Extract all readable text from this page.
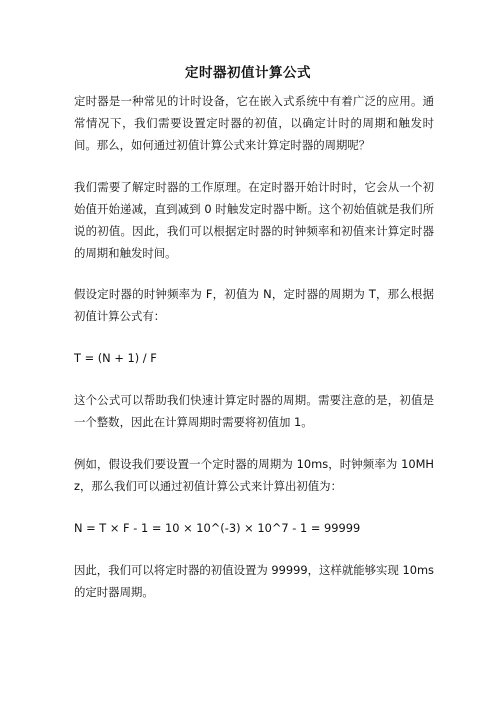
定时器初值计算公式

定时器是一种常见的计时设备，它在嵌入式系统中有着广泛的应用。通常情况下，我们需要设置定时器的初值，以确定计时的周期和触发时间。那么，如何通过初值计算公式来计算定时器的周期呢？

我们需要了解定时器的工作原理。在定时器开始计时时，它会从一个初始值开始递减，直到减到 0 时触发定时器中断。这个初始值就是我们所说的初值。因此，我们可以根据定时器的时钟频率和初值来计算定时器的周期和触发时间。

假设定时器的时钟频率为 F，初值为 N，定时器的周期为 T，那么根据初值计算公式有：

T = (N + 1) / F

这个公式可以帮助我们快速计算定时器的周期。需要注意的是，初值是一个整数，因此在计算周期时需要将初值加 1。

例如，假设我们要设置一个定时器的周期为 10ms，时钟频率为 10MHz，那么我们可以通过初值计算公式来计算出初值为：

N = T × F - 1 = 10 × 10^(-3) × 10^7 - 1 = 99999

因此，我们可以将定时器的初值设置为 99999，这样就能够实现 10ms 的定时器周期。
